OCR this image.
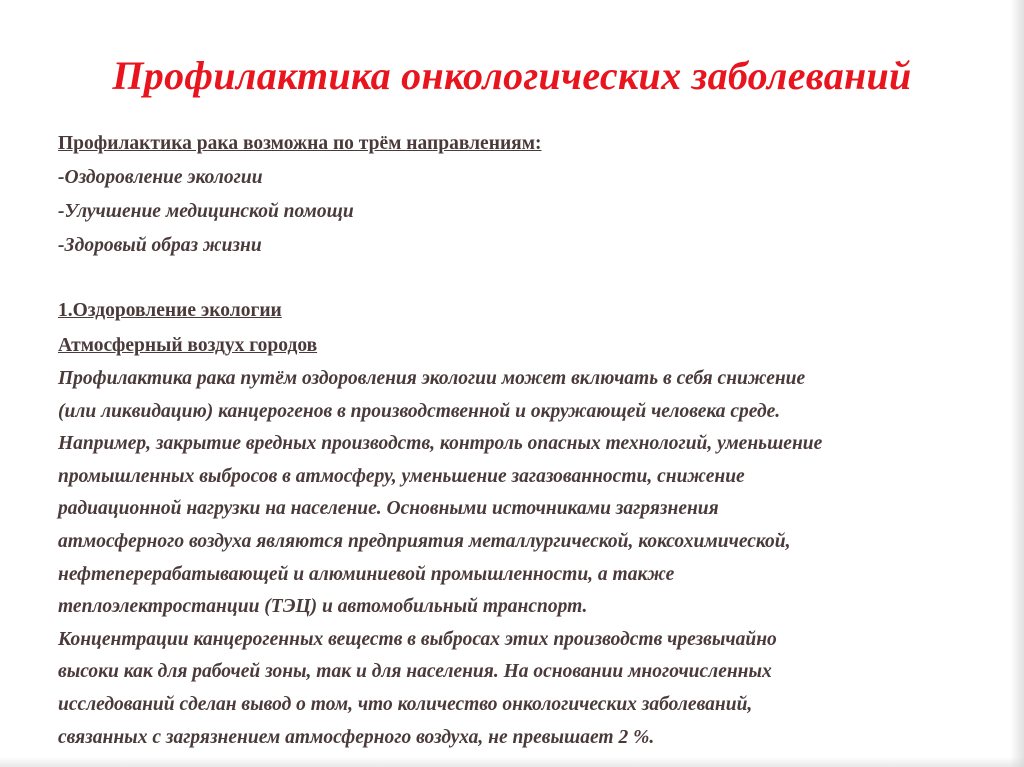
Профилактика онкологических заболеваний
Профилактика рака возможна по трём направлениям:
-Оздоровление экологии
-Улучшение медицинской помощи
-Здоровый образ жизни
1.Оздоровление экологии
Атмосферный воздух городов
Профилактика рака путём оздоровления экологии может включать в себя снижение
(или ликвидацию) канцерогенов в производственной и окружающей человека среде.
Например, закрытие вредных производств, контроль опасных технологий, уменьшение
промышленных выбросов в атмосферу, уменьшение загазованности, снижение
радиационной нагрузки на население. Основными источниками загрязнения
атмосферного воздуха являются предприятия металлургической, коксохимической,
нефтеперерабатывающей и алюминиевой промышленности, а также
теплоэлектростанции (ТЭЦ) и автомобильный транспорт.
Концентрации канцерогенных веществ в выбросах этих производств чрезвычайно
высоки как для рабочей зоны, так и для населения. На основании многочисленных
исследований сделан вывод о том, что количество онкологических заболеваний,
связанных с загрязнением атмосферного воздуха, не превышает 2 %.
